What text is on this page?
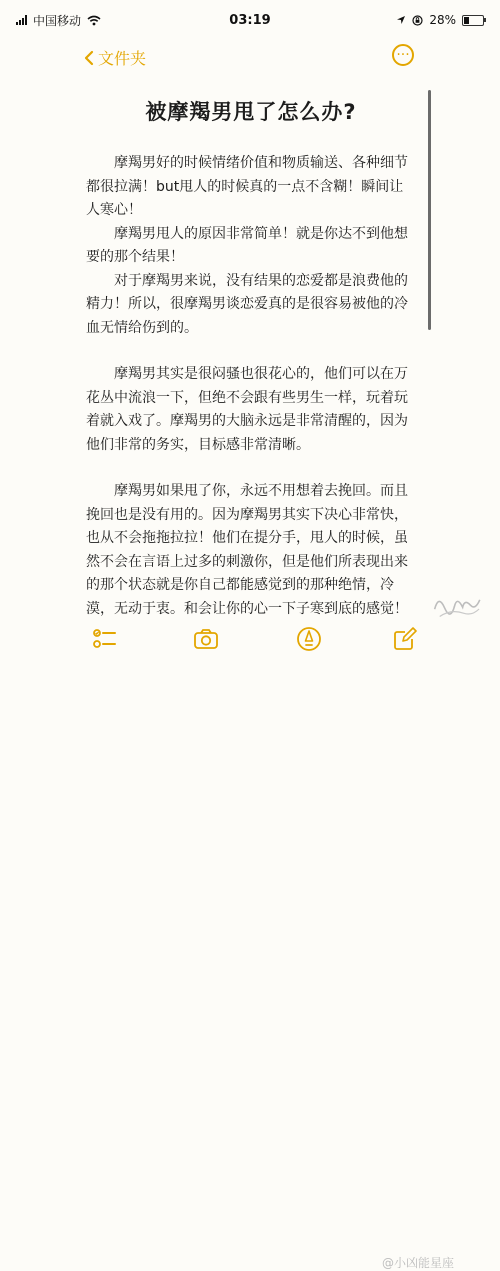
中国移动	03:19	28%
文件夹	···
被摩羯男甩了怎么办?

摩羯男好的时候情绪价值和物质输送、各种细节都很拉满！but甩人的时候真的一点不含糊！瞬间让人寒心！

摩羯男甩人的原因非常简单！就是你达不到他想要的那个结果！

对于摩羯男来说，没有结果的恋爱都是浪费他的精力！所以，很摩羯男谈恋爱真的是很容易被他的冷血无情给伤到的。

摩羯男其实是很闷骚也很花心的，他们可以在万花丛中流浪一下，但绝不会跟有些男生一样，玩着玩着就入戏了。摩羯男的大脑永远是非常清醒的，因为他们非常的务实，目标感非常清晰。

摩羯男如果甩了你，永远不用想着去挽回。而且挽回也是没有用的。因为摩羯男其实下决心非常快，也从不会拖拖拉拉！他们在提分手，甩人的时候，虽然不会在言语上过多的刺激你，但是他们所表现出来的那个状态就是你自己都能感觉到的那种绝情，冷漠，无动于衷。和会让你的心一下子寒到底的感觉！

@小凶能星座
